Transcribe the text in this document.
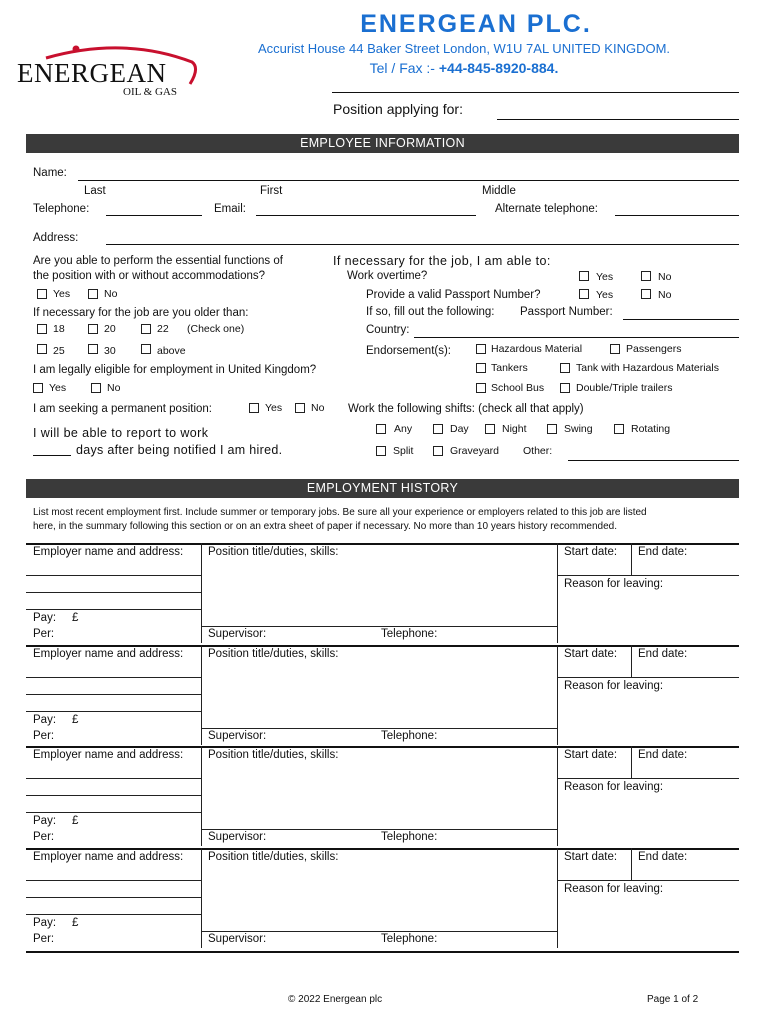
ENERGEAN
OIL & GAS
ENERGEAN PLC.
Accurist House 44 Baker Street London, W1U 7AL UNITED KINGDOM.
Tel / Fax :- +44-845-8920-884.
Position applying for:
EMPLOYEE INFORMATION
Name:
Last	First	Middle
Telephone:	Email:	Alternate telephone:
Address:
Are you able to perform the essential functions of
the position with or without accommodations?
Yes	No
If necessary for the job are you older than:
18	20	22 (Check one)
25	30	above
I am legally eligible for employment in United Kingdom?
Yes	No
I am seeking a permanent position:	Yes	No
I will be able to report to work
days after being notified I am hired.
If necessary for the job, I am able to:
Work overtime?	Yes	No
Provide a valid Passport Number?	Yes	No
If so, fill out the following: Passport Number:
Country:
Endorsement(s):	Hazardous Material	Passengers
Tankers	Tank with Hazardous Materials
School Bus	Double/Triple trailers
Work the following shifts: (check all that apply)
Any	Day	Night	Swing	Rotating
Split	Graveyard Other:
EMPLOYMENT HISTORY
List most recent employment first. Include summer or temporary jobs. Be sure all your experience or employers related to this job are listed
here, in the summary following this section or on an extra sheet of paper if necessary. No more than 10 years history recommended.
Employer name and address: Position title/duties, skills:	Start date: End date:
Reason for leaving:
Pay: £
Per:	Supervisor:	Telephone:
Employer name and address: Position title/duties, skills:	Start date: End date:
Reason for leaving:
Pay: £
Per:	Supervisor:	Telephone:
Employer name and address: Position title/duties, skills:	Start date: End date:
Reason for leaving:
Pay: £
Per:	Supervisor:	Telephone:
Employer name and address: Position title/duties, skills:	Start date: End date:
Reason for leaving:
Pay: £
Per:	Supervisor:	Telephone:
© 2022 Energean plc	Page 1 of 2
